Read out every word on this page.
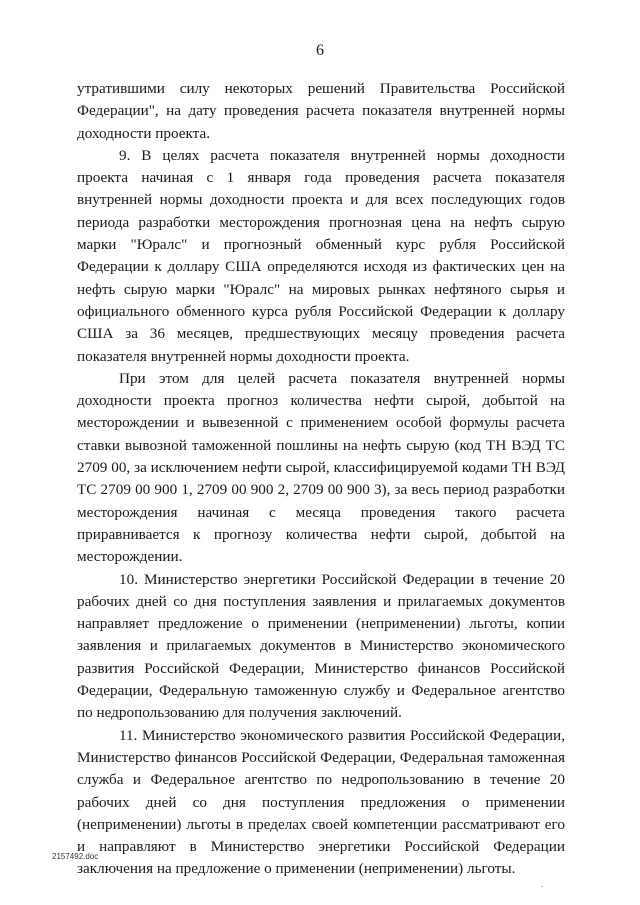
6

утратившими силу некоторых решений Правительства Российской Федерации", на дату проведения расчета показателя внутренней нормы доходности проекта.

9. В целях расчета показателя внутренней нормы доходности проекта начиная с 1 января года проведения расчета показателя внутренней нормы доходности проекта и для всех последующих годов периода разработки месторождения прогнозная цена на нефть сырую марки "Юралс" и прогнозный обменный курс рубля Российской Федерации к доллару США определяются исходя из фактических цен на нефть сырую марки "Юралс" на мировых рынках нефтяного сырья и официального обменного курса рубля Российской Федерации к доллару США за 36 месяцев, предшествующих месяцу проведения расчета показателя внутренней нормы доходности проекта.

При этом для целей расчета показателя внутренней нормы доходности проекта прогноз количества нефти сырой, добытой на месторождении и вывезенной с применением особой формулы расчета ставки вывозной таможенной пошлины на нефть сырую (код ТН ВЭД ТС 2709 00, за исключением нефти сырой, классифицируемой кодами ТН ВЭД ТС 2709 00 900 1, 2709 00 900 2, 2709 00 900 3), за весь период разработки месторождения начиная с месяца проведения такого расчета приравнивается к прогнозу количества нефти сырой, добытой на месторождении.

10. Министерство энергетики Российской Федерации в течение 20 рабочих дней со дня поступления заявления и прилагаемых документов направляет предложение о применении (неприменении) льготы, копии заявления и прилагаемых документов в Министерство экономического развития Российской Федерации, Министерство финансов Российской Федерации, Федеральную таможенную службу и Федеральное агентство по недропользованию для получения заключений.

11. Министерство экономического развития Российской Федерации, Министерство финансов Российской Федерации, Федеральная таможенная служба и Федеральное агентство по недропользованию в течение 20 рабочих дней со дня поступления предложения о применении (неприменении) льготы в пределах своей компетенции рассматривают его и направляют в Министерство энергетики Российской Федерации заключения на предложение о применении (неприменении) льготы.

2157492.doc
.
